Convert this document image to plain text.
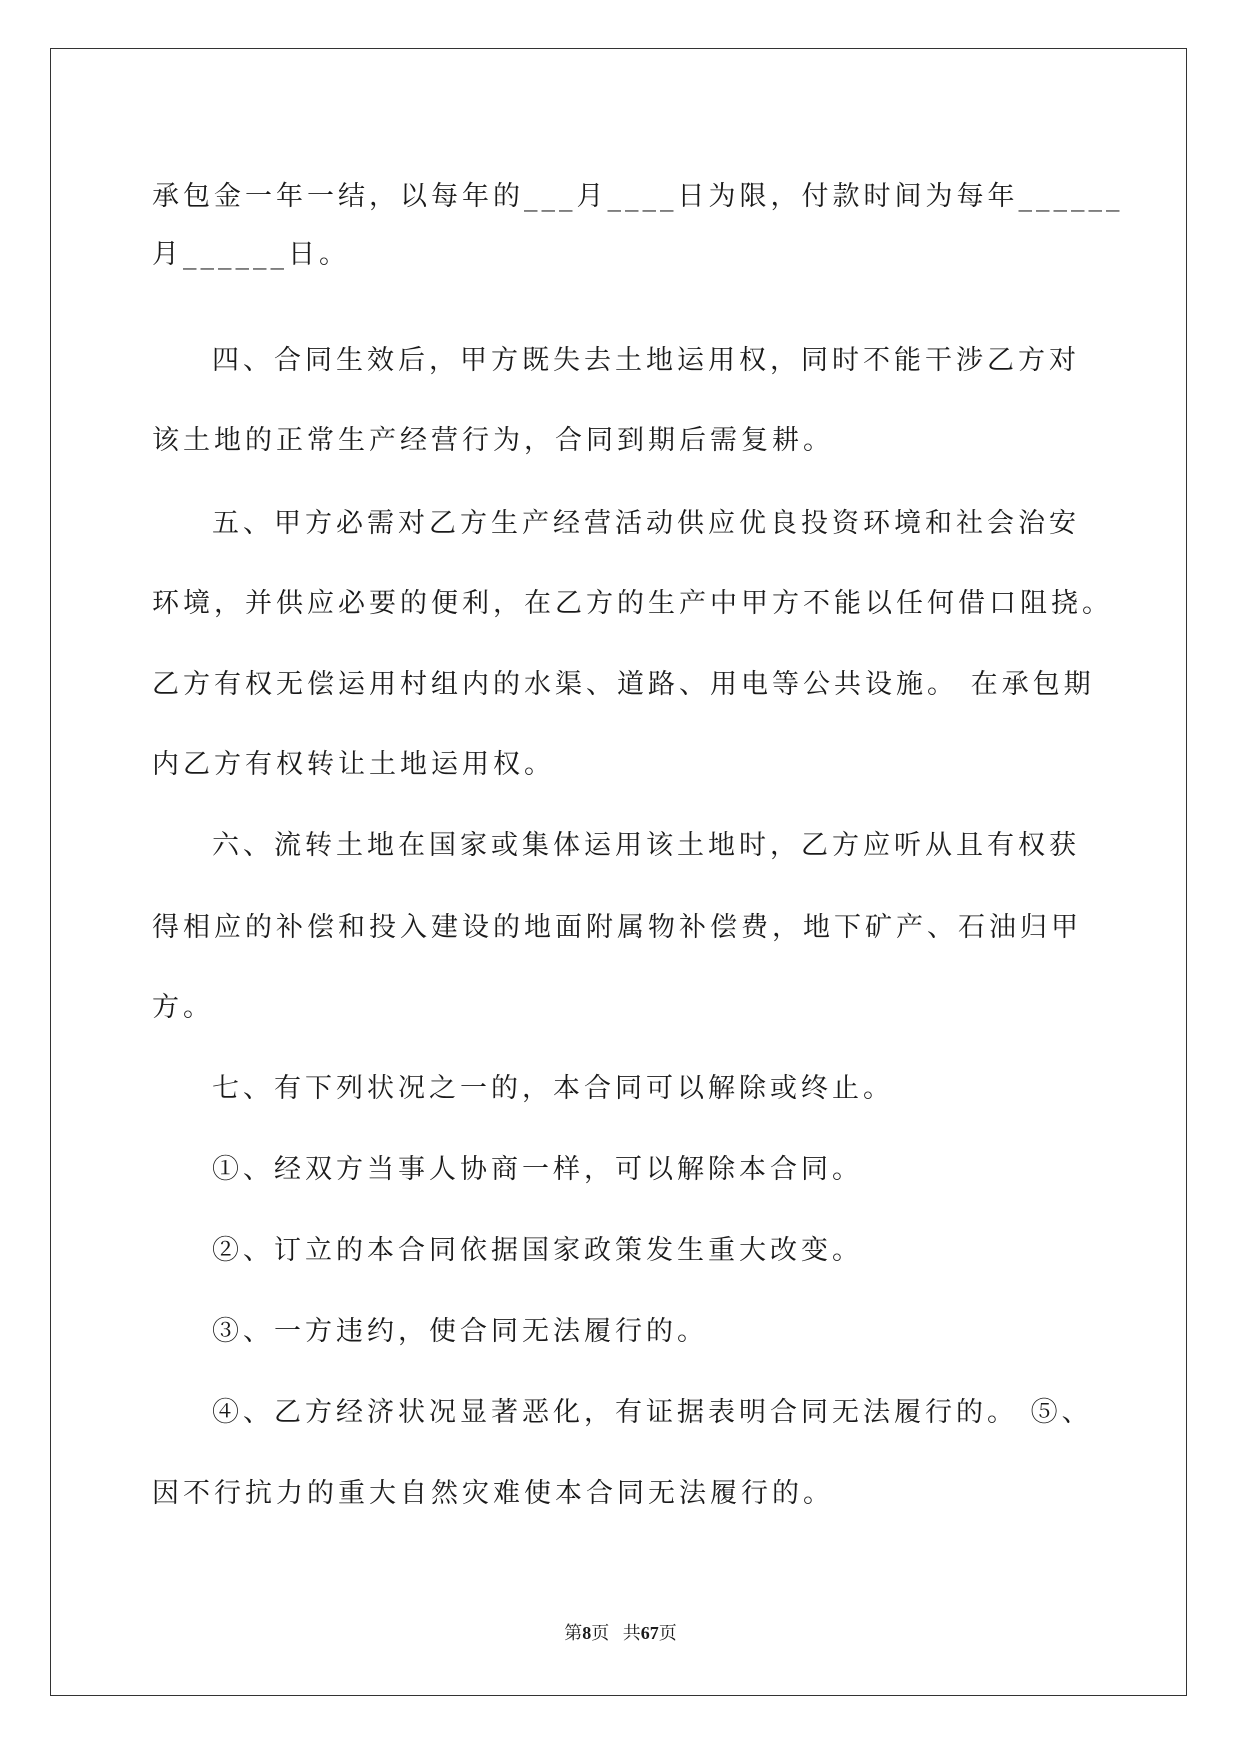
承包金一年一结，以每年的___月____日为限，付款时间为每年______

月______日。

四、合同生效后，甲方既失去土地运用权，同时不能干涉乙方对

该土地的正常生产经营行为，合同到期后需复耕。

五、甲方必需对乙方生产经营活动供应优良投资环境和社会治安

环境，并供应必要的便利，在乙方的生产中甲方不能以任何借口阻挠。

乙方有权无偿运用村组内的水渠、道路、用电等公共设施。 在承包期

内乙方有权转让土地运用权。

六、流转土地在国家或集体运用该土地时，乙方应听从且有权获

得相应的补偿和投入建设的地面附属物补偿费，地下矿产、石油归甲

方。

七、有下列状况之一的，本合同可以解除或终止。

①、经双方当事人协商一样，可以解除本合同。

②、订立的本合同依据国家政策发生重大改变。

③、一方违约，使合同无法履行的。

④、乙方经济状况显著恶化，有证据表明合同无法履行的。 ⑤、

因不行抗力的重大自然灾难使本合同无法履行的。

第8页 共67页
